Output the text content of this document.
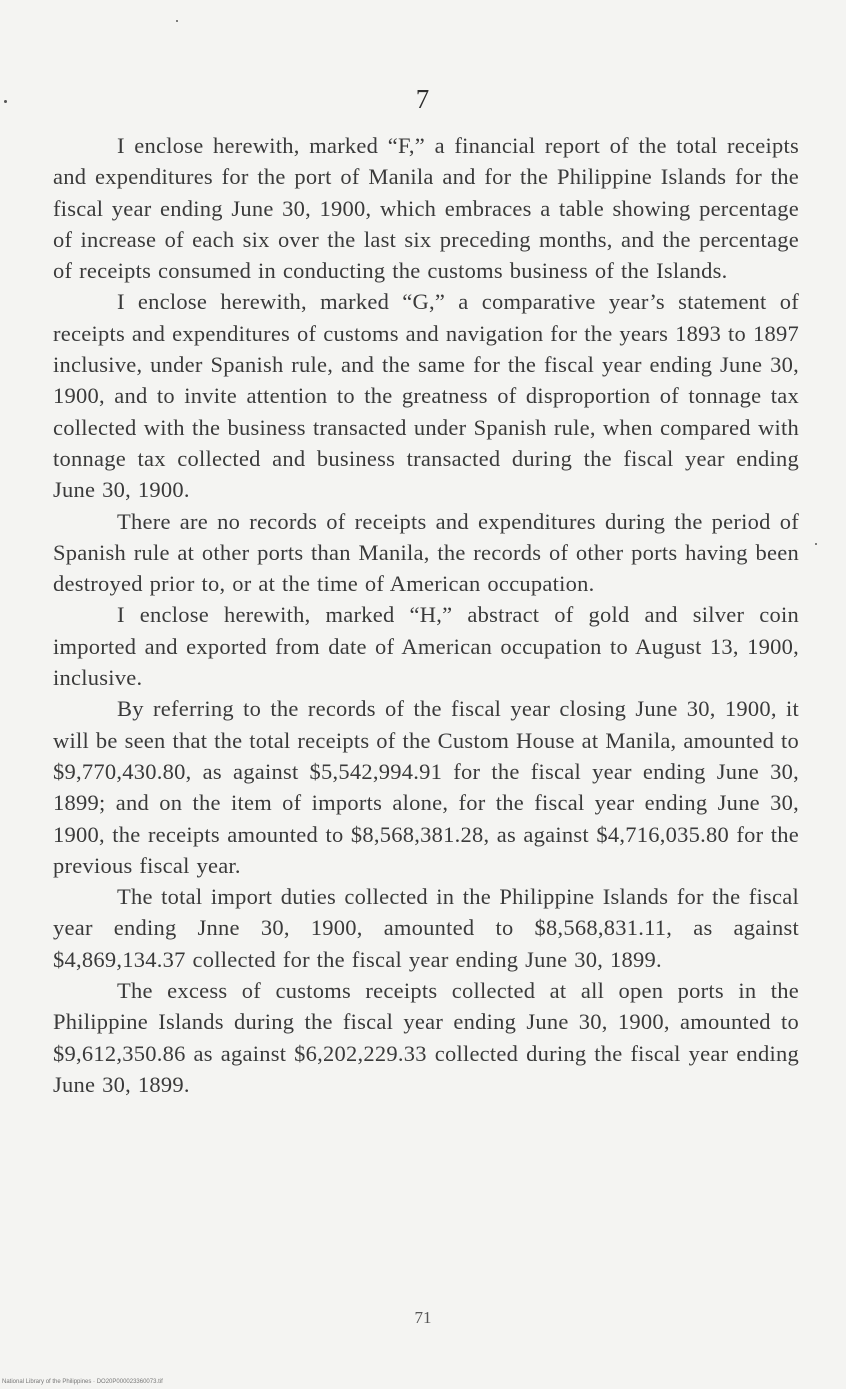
7

I enclose herewith, marked “F,” a financial report of the total receipts and expenditures for the port of Manila and for the Philippine Islands for the fiscal year ending June 30, 1900, which embraces a table showing percentage of increase of each six over the last six preceding months, and the percentage of receipts consumed in conducting the customs business of the Islands.

I enclose herewith, marked “G,” a comparative year’s statement of receipts and expenditures of customs and navigation for the years 1893 to 1897 inclusive, under Spanish rule, and the same for the fiscal year ending June 30, 1900, and to invite attention to the greatness of disproportion of tonnage tax collected with the business transacted under Spanish rule, when compared with tonnage tax collected and business transacted during the fiscal year ending June 30, 1900.

There are no records of receipts and expenditures during the period of Spanish rule at other ports than Manila, the records of other ports having been destroyed prior to, or at the time of American occupation.

I enclose herewith, marked “H,” abstract of gold and silver coin imported and exported from date of American occupation to August 13, 1900, inclusive.

By referring to the records of the fiscal year closing June 30, 1900, it will be seen that the total receipts of the Custom House at Manila, amounted to $9,770,430.80, as against $5,542,994.91 for the fiscal year ending June 30, 1899; and on the item of imports alone, for the fiscal year ending June 30, 1900, the receipts amounted to $8,568,381.28, as against $4,716,035.80 for the previous fiscal year.

The total import duties collected in the Philippine Islands for the fiscal year ending Jnne 30, 1900, amounted to $8,568,831.11, as against $4,869,134.37 collected for the fiscal year ending June 30, 1899.

The excess of customs receipts collected at all open ports in the Philippine Islands during the fiscal year ending June 30, 1900, amounted to $9,612,350.86 as against $6,202,229.33 collected during the fiscal year ending June 30, 1899.

71
National Library of the Philippines · DO20P000023360073.tif
